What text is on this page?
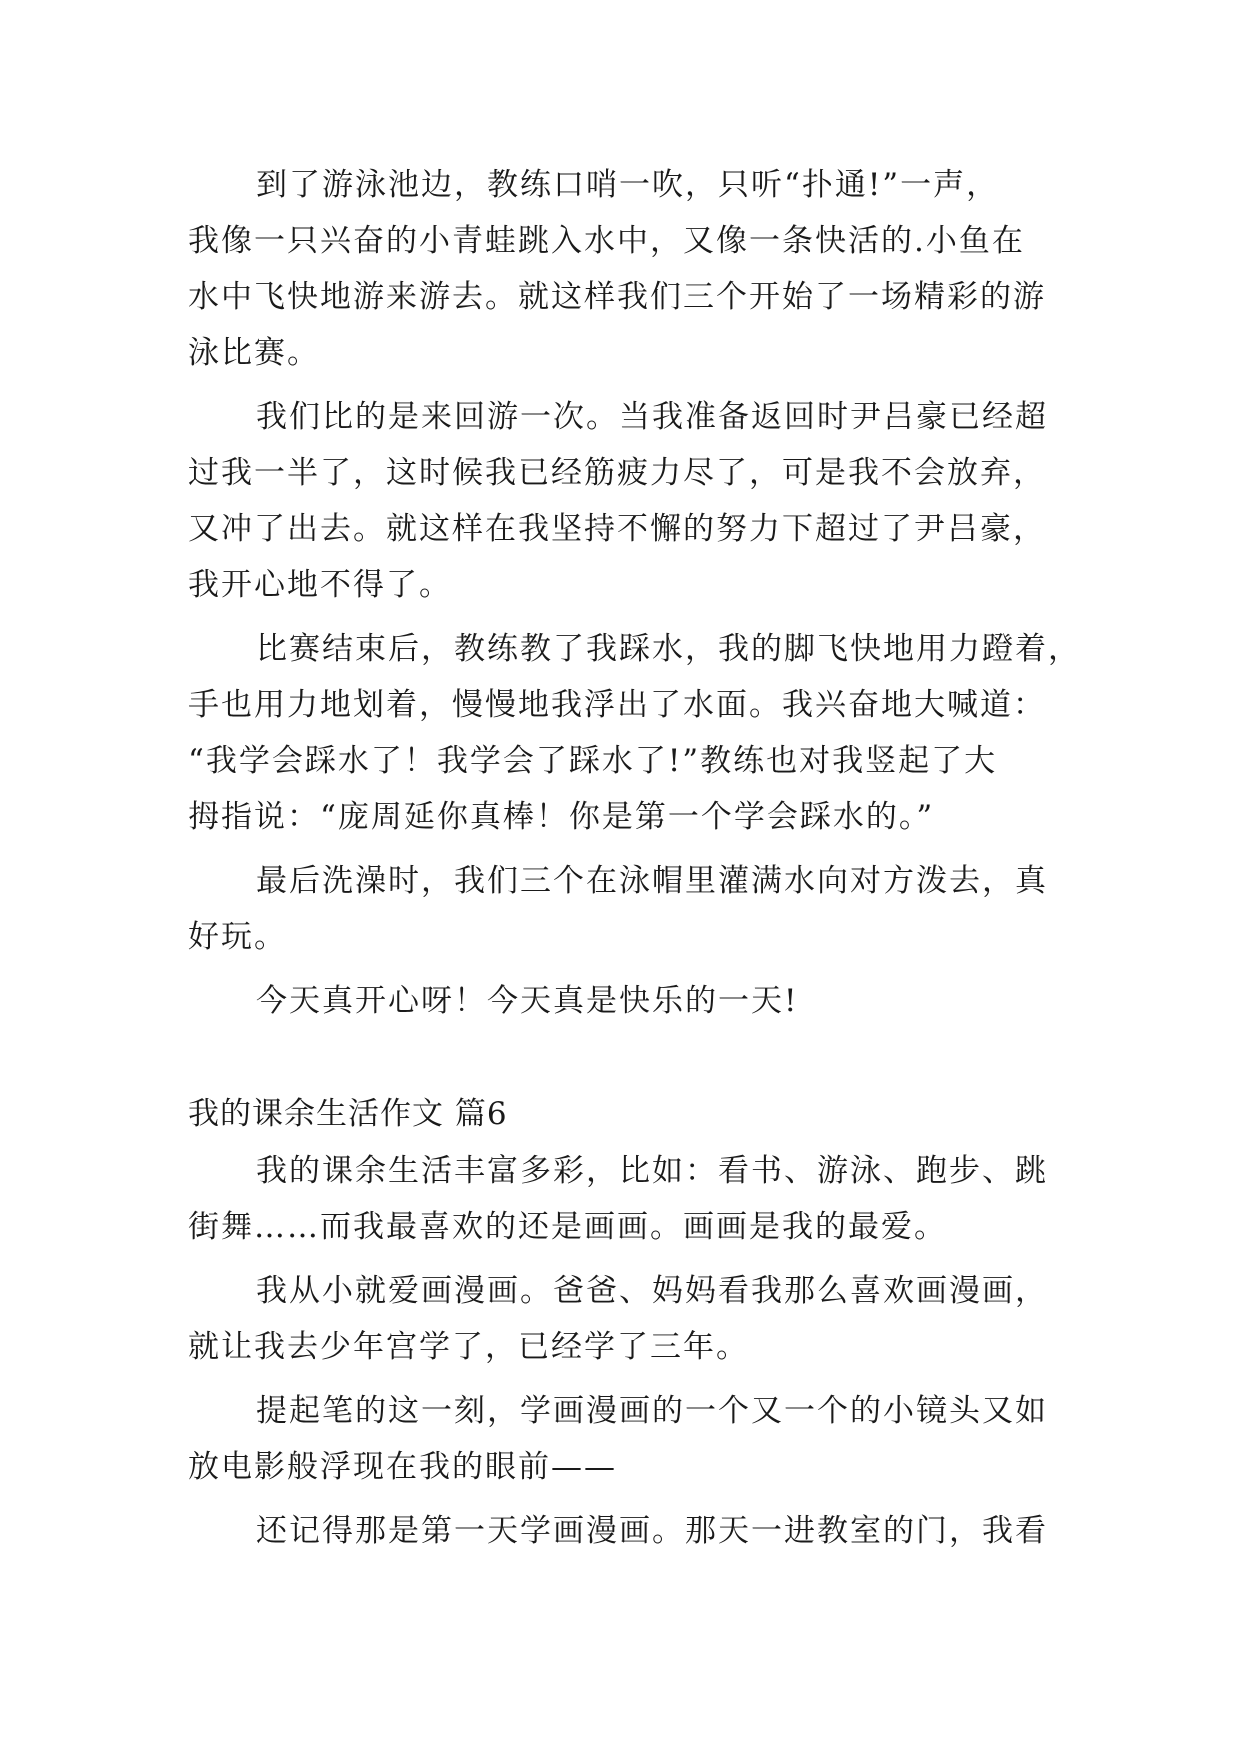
到了游泳池边，教练口哨一吹，只听“扑通!”一声，
我像一只兴奋的小青蛙跳入水中，又像一条快活的.小鱼在
水中飞快地游来游去。就这样我们三个开始了一场精彩的游
泳比赛。
我们比的是来回游一次。当我准备返回时尹吕豪已经超
过我一半了，这时候我已经筋疲力尽了，可是我不会放弃，
又冲了出去。就这样在我坚持不懈的努力下超过了尹吕豪，
我开心地不得了。
比赛结束后，教练教了我踩水，我的脚飞快地用力蹬着，
手也用力地划着，慢慢地我浮出了水面。我兴奋地大喊道：
“我学会踩水了！我学会了踩水了!”教练也对我竖起了大
拇指说：“庞周延你真棒！你是第一个学会踩水的。”
最后洗澡时，我们三个在泳帽里灌满水向对方泼去，真
好玩。
今天真开心呀！今天真是快乐的一天!
我的课余生活作文 篇6
我的课余生活丰富多彩，比如：看书、游泳、跑步、跳
街舞……而我最喜欢的还是画画。画画是我的最爱。
我从小就爱画漫画。爸爸、妈妈看我那么喜欢画漫画，
就让我去少年宫学了，已经学了三年。
提起笔的这一刻，学画漫画的一个又一个的小镜头又如
放电影般浮现在我的眼前——
还记得那是第一天学画漫画。那天一进教室的门，我看
